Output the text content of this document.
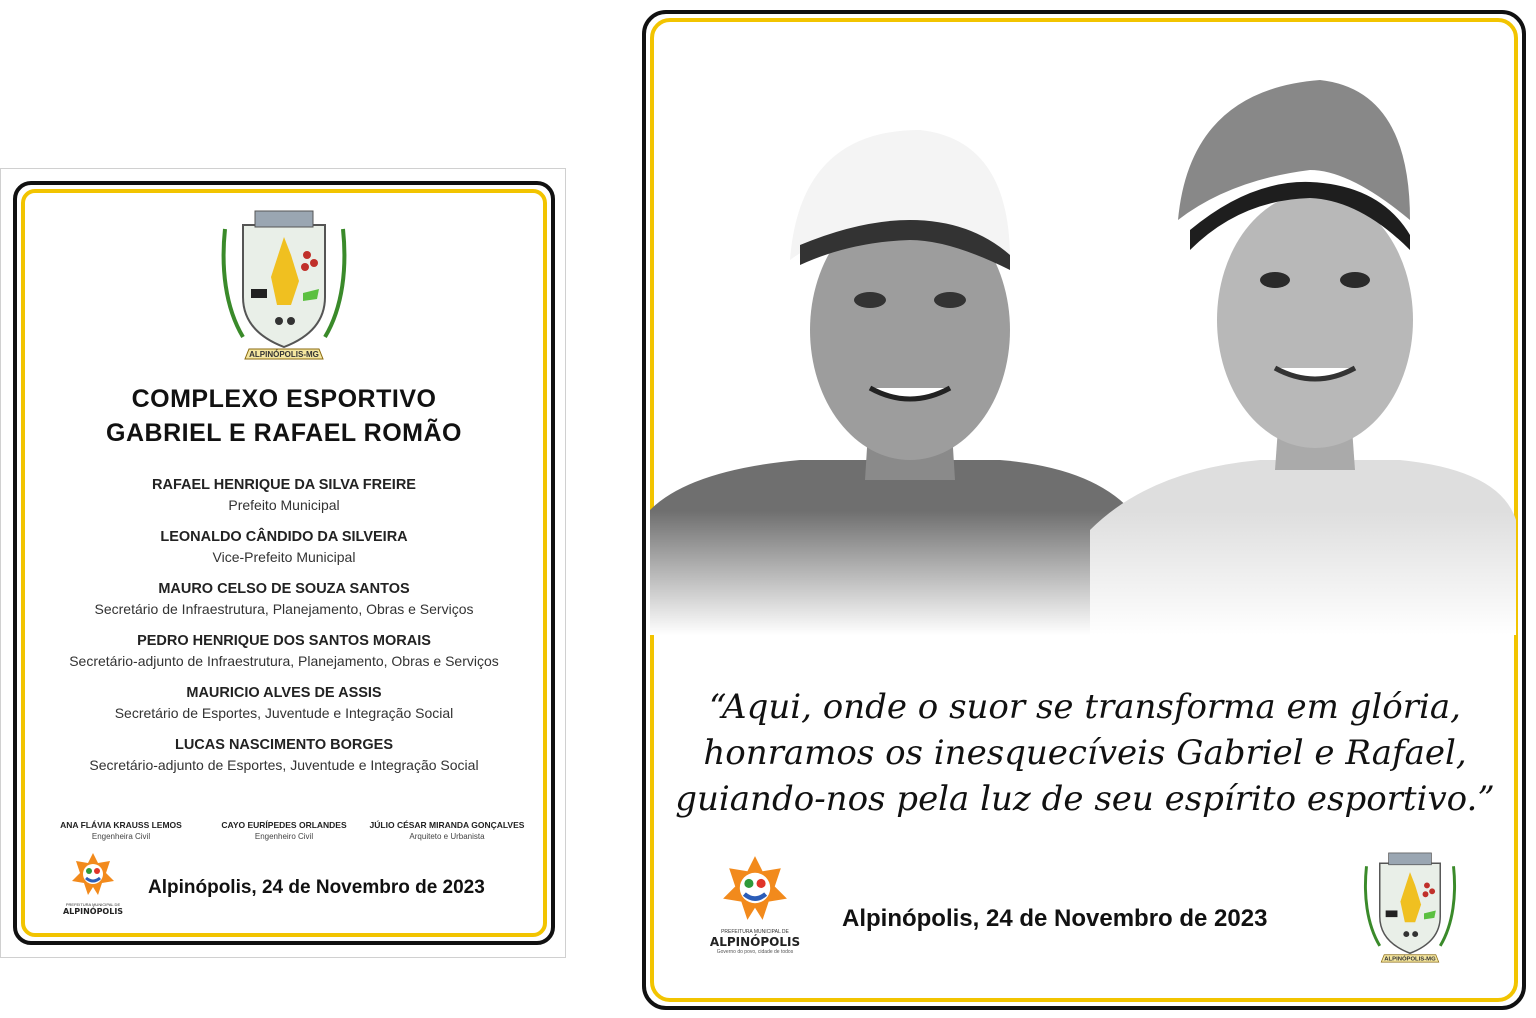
ALPINÓPOLIS-MG
COMPLEXO ESPORTIVO
GABRIEL E RAFAEL ROMÃO
RAFAEL HENRIQUE DA SILVA FREIRE
Prefeito Municipal
LEONALDO CÂNDIDO DA SILVEIRA
Vice-Prefeito Municipal
MAURO CELSO DE SOUZA SANTOS
Secretário de Infraestrutura, Planejamento, Obras e Serviços
PEDRO HENRIQUE DOS SANTOS MORAIS
Secretário-adjunto de Infraestrutura, Planejamento, Obras e Serviços
MAURICIO ALVES DE ASSIS
Secretário de Esportes, Juventude e Integração Social
LUCAS NASCIMENTO BORGES
Secretário-adjunto de Esportes, Juventude e Integração Social
ANA FLÁVIA KRAUSS LEMOS
Engenheira Civil
CAYO EURÍPEDES ORLANDES
Engenheiro Civil
JÚLIO CÉSAR MIRANDA GONÇALVES
Arquiteto e Urbanista
PREFEITURA MUNICIPAL DE
ALPINÓPOLIS
Alpinópolis, 24 de Novembro de 2023
“Aqui, onde o suor se transforma em glória,
honramos os inesquecíveis Gabriel e Rafael,
guiando-nos pela luz de seu espírito esportivo.”
PREFEITURA MUNICIPAL DE
ALPINÓPOLIS
Governo do povo, cidade de todos
Alpinópolis, 24 de Novembro de 2023
ALPINÓPOLIS-MG
